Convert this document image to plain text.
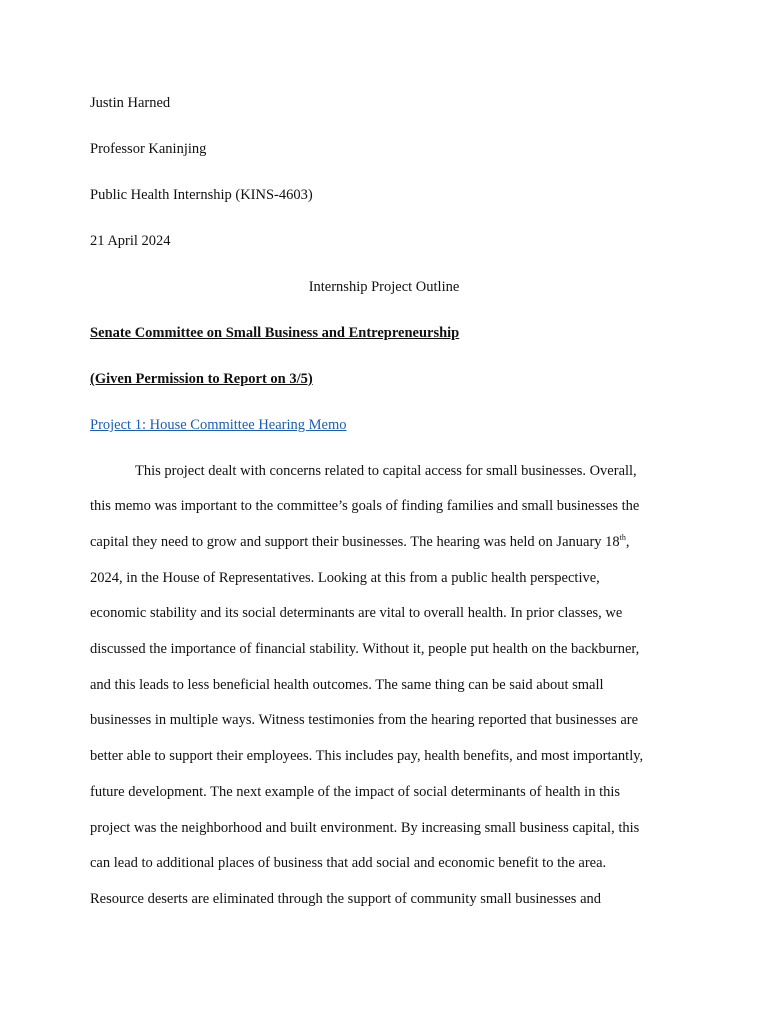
Justin Harned
Professor Kaninjing
Public Health Internship (KINS-4603)
21 April 2024
Internship Project Outline
Senate Committee on Small Business and Entrepreneurship
(Given Permission to Report on 3/5)
Project 1: House Committee Hearing Memo
This project dealt with concerns related to capital access for small businesses. Overall,
this memo was important to the committee’s goals of finding families and small businesses the
capital they need to grow and support their businesses. The hearing was held on January 18th,
2024, in the House of Representatives. Looking at this from a public health perspective,
economic stability and its social determinants are vital to overall health. In prior classes, we
discussed the importance of financial stability. Without it, people put health on the backburner,
and this leads to less beneficial health outcomes. The same thing can be said about small
businesses in multiple ways. Witness testimonies from the hearing reported that businesses are
better able to support their employees. This includes pay, health benefits, and most importantly,
future development. The next example of the impact of social determinants of health in this
project was the neighborhood and built environment. By increasing small business capital, this
can lead to additional places of business that add social and economic benefit to the area.
Resource deserts are eliminated through the support of community small businesses and
